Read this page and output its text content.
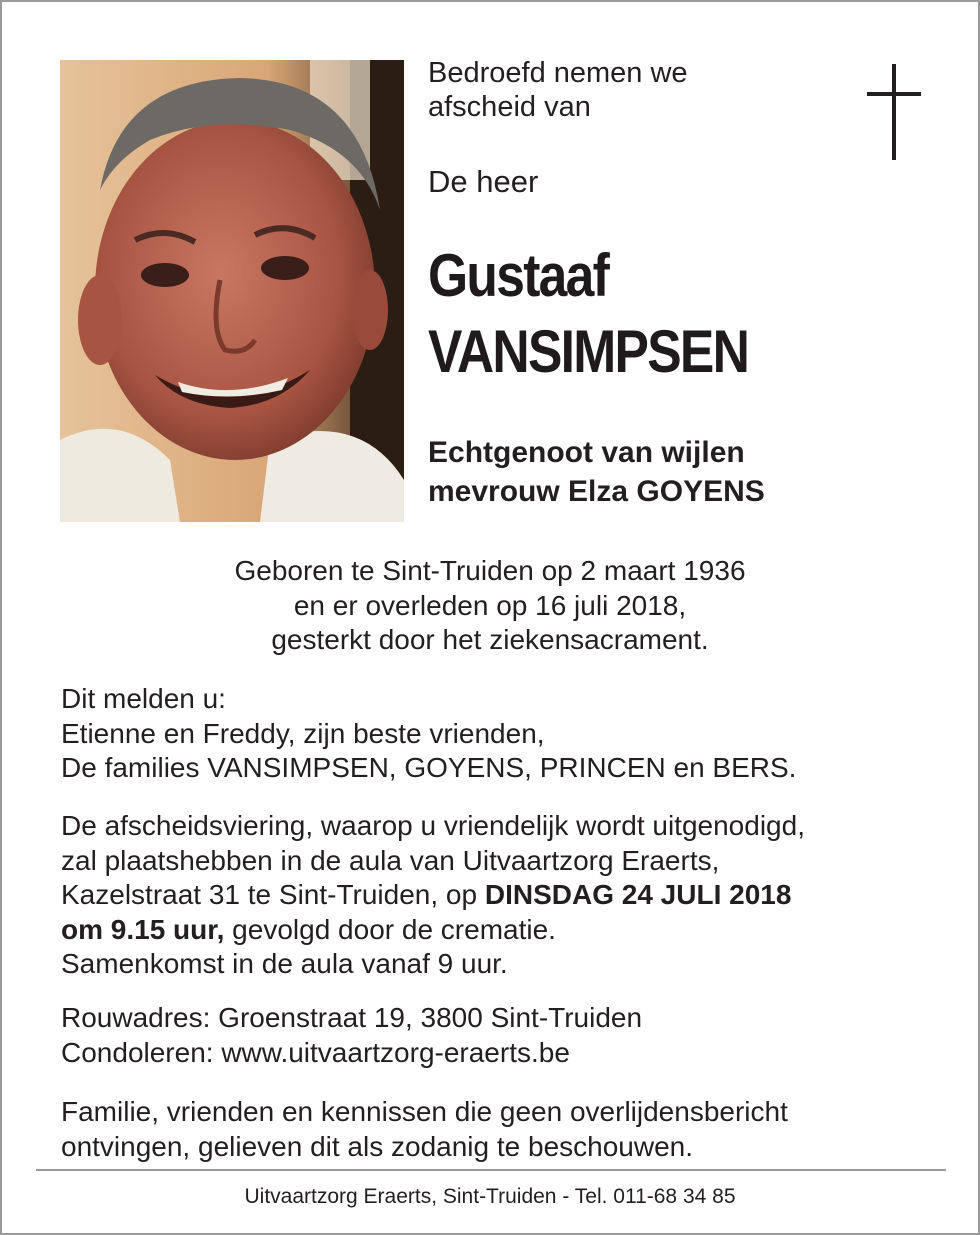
Bedroefd nemen we
afscheid van
De heer
Gustaaf
VANSIMPSEN
Echtgenoot van wijlen
mevrouw Elza GOYENS
Geboren te Sint-Truiden op 2 maart 1936
en er overleden op 16 juli 2018,
gesterkt door het ziekensacrament.
Dit melden u:
Etienne en Freddy, zijn beste vrienden,
De families VANSIMPSEN, GOYENS, PRINCEN en BERS.
De afscheidsviering, waarop u vriendelijk wordt uitgenodigd,
zal plaatshebben in de aula van Uitvaartzorg Eraerts,
Kazelstraat 31 te Sint-Truiden, op DINSDAG 24 JULI 2018
om 9.15 uur, gevolgd door de crematie.
Samenkomst in de aula vanaf 9 uur.
Rouwadres: Groenstraat 19, 3800 Sint-Truiden
Condoleren: www.uitvaartzorg-eraerts.be
Familie, vrienden en kennissen die geen overlijdensbericht
ontvingen, gelieven dit als zodanig te beschouwen.
Uitvaartzorg Eraerts, Sint-Truiden - Tel. 011-68 34 85
